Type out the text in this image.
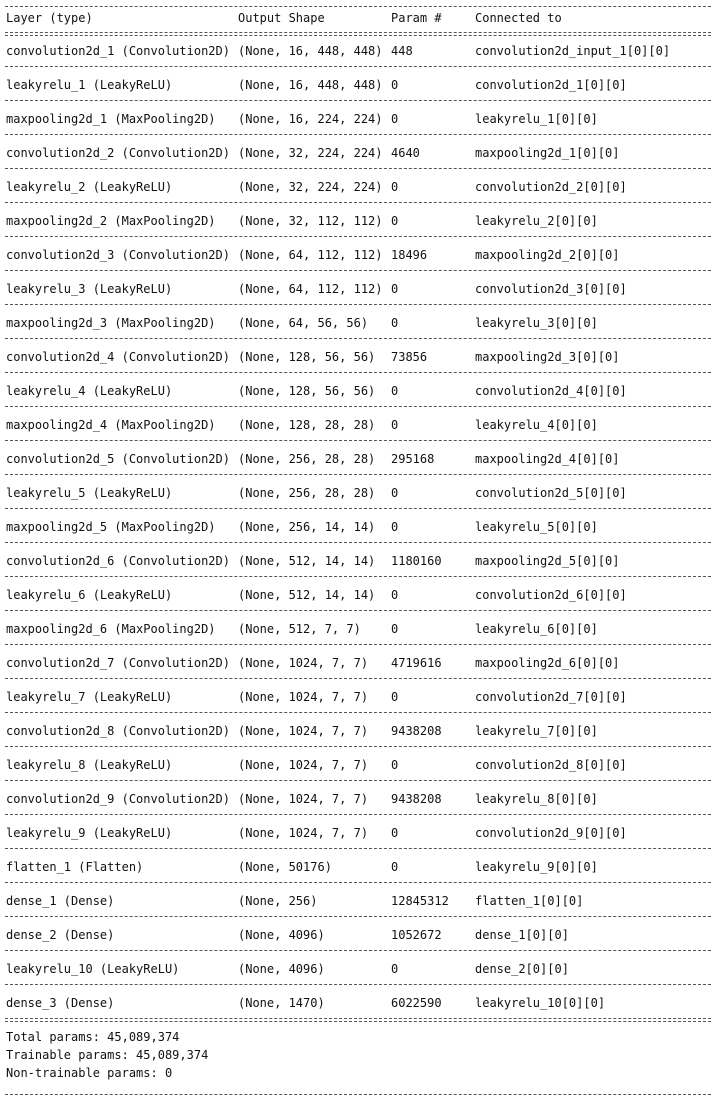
Layer (type)	Output Shape	Param #	Connected to
convolution2d_1 (Convolution2D) (None, 16, 448, 448) 448	convolution2d_input_1[0][0]
leakyrelu_1 (LeakyReLU)	(None, 16, 448, 448) 0	convolution2d_1[0][0]
maxpooling2d_1 (MaxPooling2D) (None, 16, 224, 224) 0	leakyrelu_1[0][0]
convolution2d_2 (Convolution2D) (None, 32, 224, 224) 4640	maxpooling2d_1[0][0]
leakyrelu_2 (LeakyReLU)	(None, 32, 224, 224) 0	convolution2d_2[0][0]
maxpooling2d_2 (MaxPooling2D) (None, 32, 112, 112) 0	leakyrelu_2[0][0]
convolution2d_3 (Convolution2D) (None, 64, 112, 112) 18496	maxpooling2d_2[0][0]
leakyrelu_3 (LeakyReLU)	(None, 64, 112, 112) 0	convolution2d_3[0][0]
maxpooling2d_3 (MaxPooling2D) (None, 64, 56, 56) 0	leakyrelu_3[0][0]
convolution2d_4 (Convolution2D) (None, 128, 56, 56) 73856	maxpooling2d_3[0][0]
leakyrelu_4 (LeakyReLU)	(None, 128, 56, 56) 0	convolution2d_4[0][0]
maxpooling2d_4 (MaxPooling2D) (None, 128, 28, 28) 0	leakyrelu_4[0][0]
convolution2d_5 (Convolution2D) (None, 256, 28, 28) 295168	maxpooling2d_4[0][0]
leakyrelu_5 (LeakyReLU)	(None, 256, 28, 28) 0	convolution2d_5[0][0]
maxpooling2d_5 (MaxPooling2D) (None, 256, 14, 14) 0	leakyrelu_5[0][0]
convolution2d_6 (Convolution2D) (None, 512, 14, 14) 1180160	maxpooling2d_5[0][0]
leakyrelu_6 (LeakyReLU)	(None, 512, 14, 14) 0	convolution2d_6[0][0]
maxpooling2d_6 (MaxPooling2D) (None, 512, 7, 7)	0	leakyrelu_6[0][0]
convolution2d_7 (Convolution2D) (None, 1024, 7, 7) 4719616	maxpooling2d_6[0][0]
leakyrelu_7 (LeakyReLU)	(None, 1024, 7, 7) 0	convolution2d_7[0][0]
convolution2d_8 (Convolution2D) (None, 1024, 7, 7) 9438208	leakyrelu_7[0][0]
leakyrelu_8 (LeakyReLU)	(None, 1024, 7, 7) 0	convolution2d_8[0][0]
convolution2d_9 (Convolution2D) (None, 1024, 7, 7) 9438208	leakyrelu_8[0][0]
leakyrelu_9 (LeakyReLU)	(None, 1024, 7, 7) 0	convolution2d_9[0][0]
flatten_1 (Flatten)	(None, 50176)	0	leakyrelu_9[0][0]
dense_1 (Dense)	(None, 256)	12845312 flatten_1[0][0]
dense_2 (Dense)	(None, 4096)	1052672	dense_1[0][0]
leakyrelu_10 (LeakyReLU)	(None, 4096)	0	dense_2[0][0]
dense_3 (Dense)	(None, 1470)	6022590	leakyrelu_10[0][0]
Total params: 45,089,374
Trainable params: 45,089,374
Non-trainable params: 0
